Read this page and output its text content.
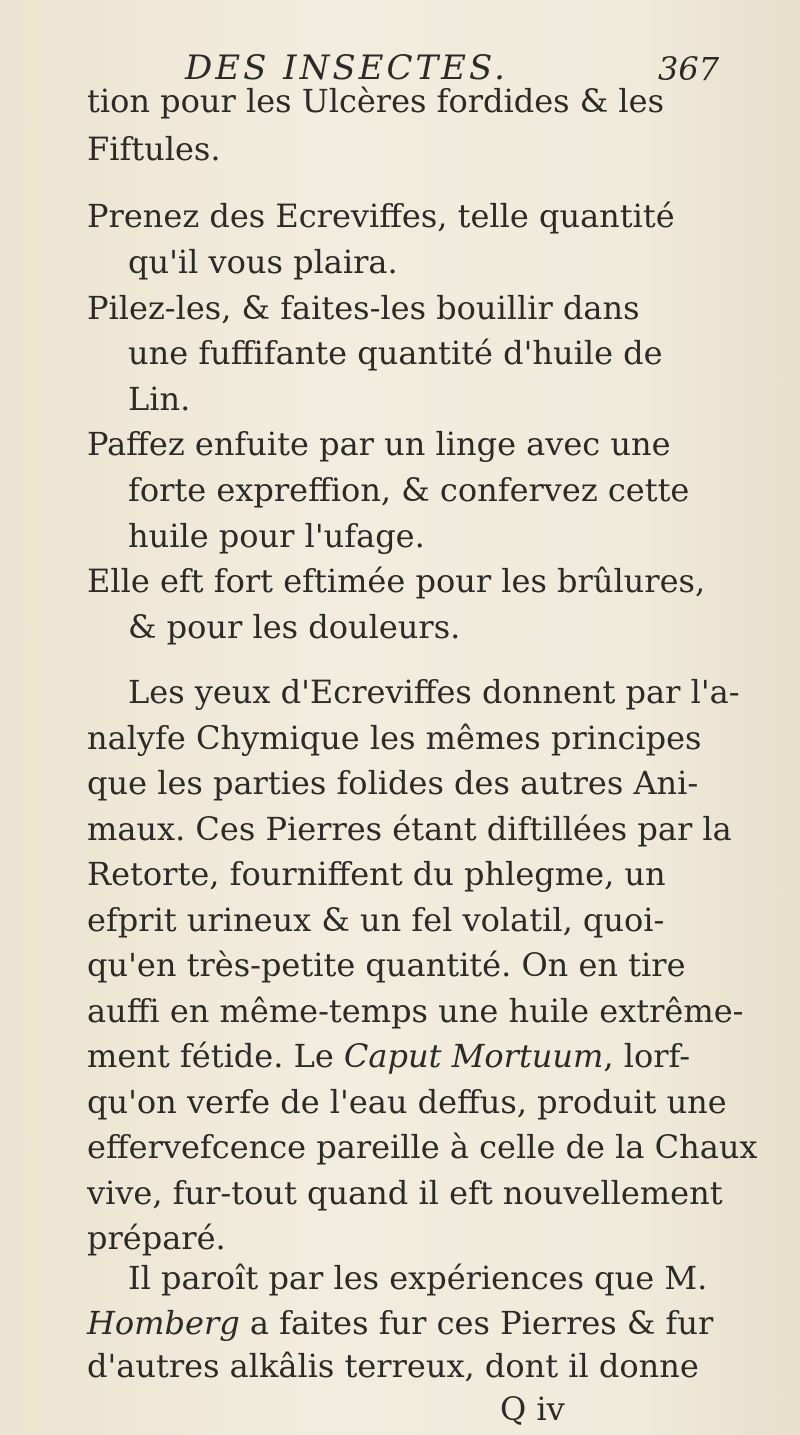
DES INSECTES.	367
tion pour les Ulcères fordides & les
Fiftules.
Prenez des Ecreviffes, telle quantité
qu'il vous plaira.
Pilez-les, & faites-les bouillir dans
une fuffifante quantité d'huile de
Lin.
Paffez enfuite par un linge avec une
forte expreffion, & confervez cette
huile pour l'ufage.
Elle eft fort eftimée pour les brûlures,
& pour les douleurs.
Les yeux d'Ecreviffes donnent par l'a-
nalyfe Chymique les mêmes principes
que les parties folides des autres Ani-
maux. Ces Pierres étant diftillées par la
Retorte, fourniffent du phlegme, un
efprit urineux & un fel volatil, quoi-
qu'en très-petite quantité. On en tire
auffi en même-temps une huile extrême-
ment fétide. Le Caput Mortuum, lorf-
qu'on verfe de l'eau deffus, produit une
effervefcence pareille à celle de la Chaux
vive, fur-tout quand il eft nouvellement
préparé.
Il paroît par les expériences que M.
Homberg a faites fur ces Pierres & fur
d'autres alkâlis terreux, dont il donne
Q iv
